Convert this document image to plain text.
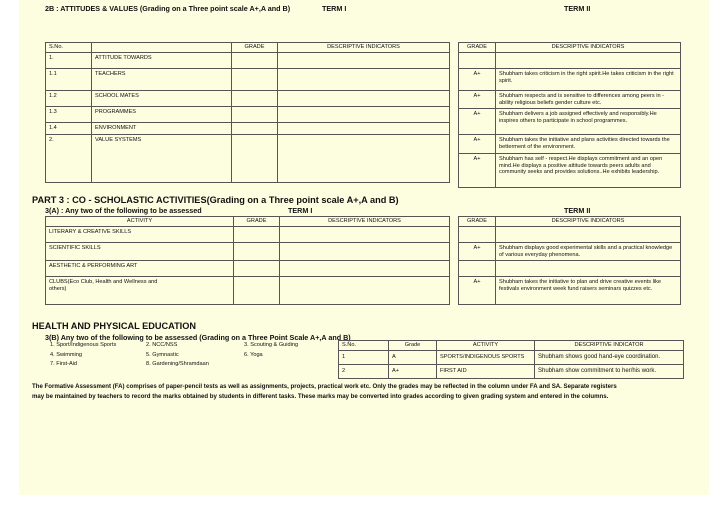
2B : ATTITUDES & VALUES (Grading on a Three point scale A+,A and B)	TERM I	TERM II
S.No.		GRADE	DESCRIPTIVE INDICATORS
1.	ATTITUDE TOWARDS		
1.1	TEACHERS		
1.2	SCHOOL MATES		
1.3	PROGRAMMES		
1.4	ENVIRONMENT		
2.	VALUE SYSTEMS		
GRADE	DESCRIPTIVE INDICATORS

A+	Shubham takes criticism in the right spirit.He takes criticism in the right spirit.
A+	Shubham respects and is sensitive to differences among peers in - ability religious beliefs gender culture etc.
A+	Shubham delivers a job assigned effectively and responsibly.He inspires others to participate in school programmes.
A+	Shubham takes the initiative and plans activities directed towards the betterment of the environment.
A+	Shubham has self - respect.He displays commitment and an open mind.He displays a positive attitude towards peers adults and community seeks and provides solutions..He exhibits leadership.
PART 3 : CO - SCHOLASTIC ACTIVITIES(Grading on a Three point scale A+,A and B)
3(A) : Any two of the following to be assessed	TERM I	TERM II
ACTIVITY	GRADE	DESCRIPTIVE INDICATORS
LITERARY & CREATIVE SKILLS		
SCIENTIFIC SKILLS		
AESTHETIC & PERFORMING ART		

CLUBS(Eco Club, Health and Wellness and others)		

GRADE	DESCRIPTIVE INDICATORS

A+	Shubham displays good experimental skills and a practical knowledge of various everyday phenomena.

A+	Shubham takes the initiative to plan and drive creative events like festivals environment week fund raisers seminars quizzes etc.
HEALTH AND PHYSICAL EDUCATION
3(B) Any two of the following to be assessed (Grading on a Three Point Scale A+,A and B)
1. Sport/Indigenous Sports	2. NCC/NSS	3. Scouting & Guiding
4. Swimming	5. Gymnastic	6. Yoga
7. First-Aid	8. Gardening/Shramdaan
S.No.	Grade	ACTIVITY	DESCRIPTIVE INDICATOR
1	A	SPORTS/INDIGENOUS SPORTS	Shubham shows good hand-eye coordination.
2	A+	FIRST AID	Shubham show commitment to her/his work.
The Formative Assessment (FA) comprises of paper-pencil tests as well as assignments, projects, practical work etc. Only the grades may be reflected in the column under FA and SA. Separate registers
may be maintained by teachers to record the marks obtained by students in different tasks. These marks may be converted into grades according to given grading system and entered in the columns.
